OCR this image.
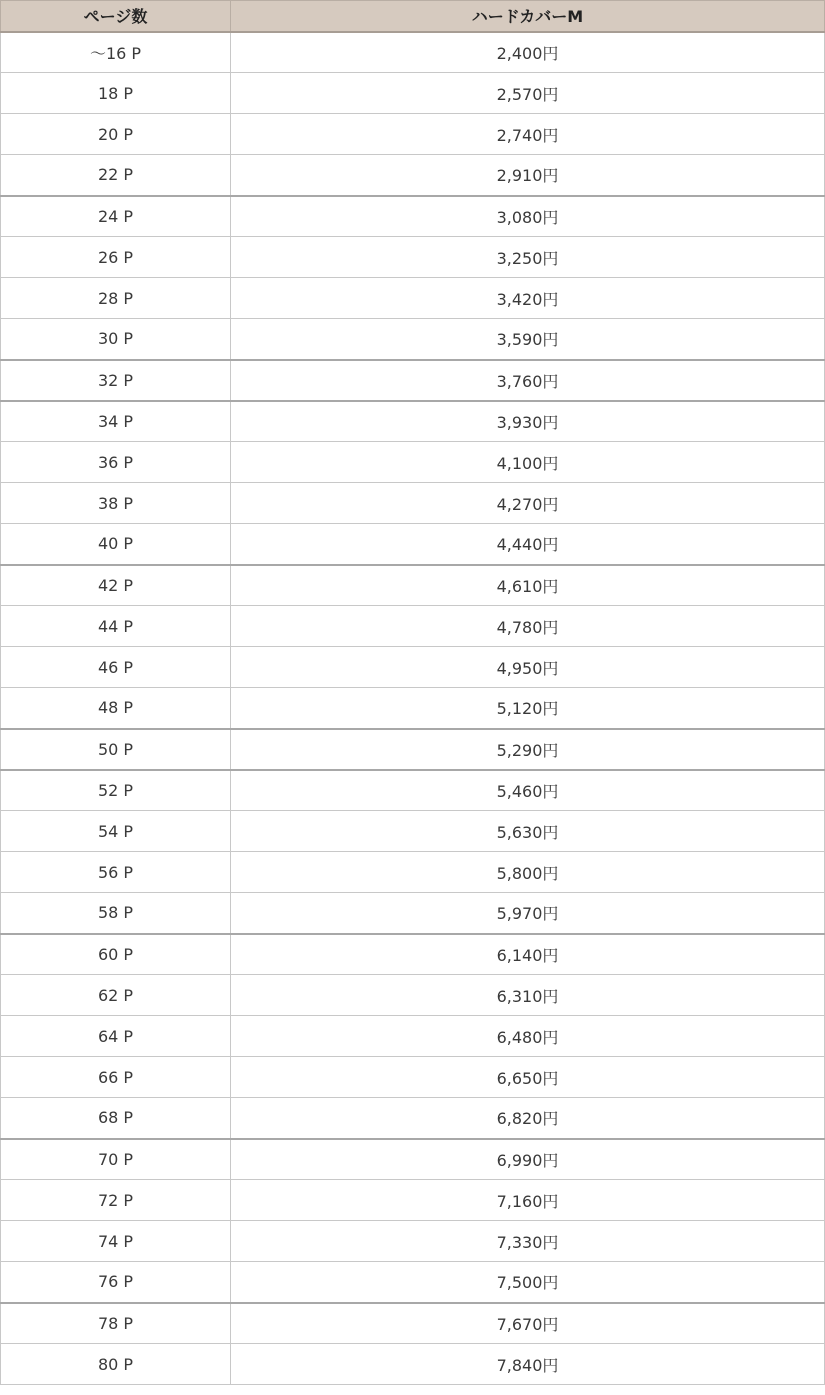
ページ数	ハードカバーM
～16 P	2,400円
18 P	2,570円
20 P	2,740円
22 P	2,910円
24 P	3,080円
26 P	3,250円
28 P	3,420円
30 P	3,590円
32 P	3,760円
34 P	3,930円
36 P	4,100円
38 P	4,270円
40 P	4,440円
42 P	4,610円
44 P	4,780円
46 P	4,950円
48 P	5,120円
50 P	5,290円
52 P	5,460円
54 P	5,630円
56 P	5,800円
58 P	5,970円
60 P	6,140円
62 P	6,310円
64 P	6,480円
66 P	6,650円
68 P	6,820円
70 P	6,990円
72 P	7,160円
74 P	7,330円
76 P	7,500円
78 P	7,670円
80 P	7,840円
